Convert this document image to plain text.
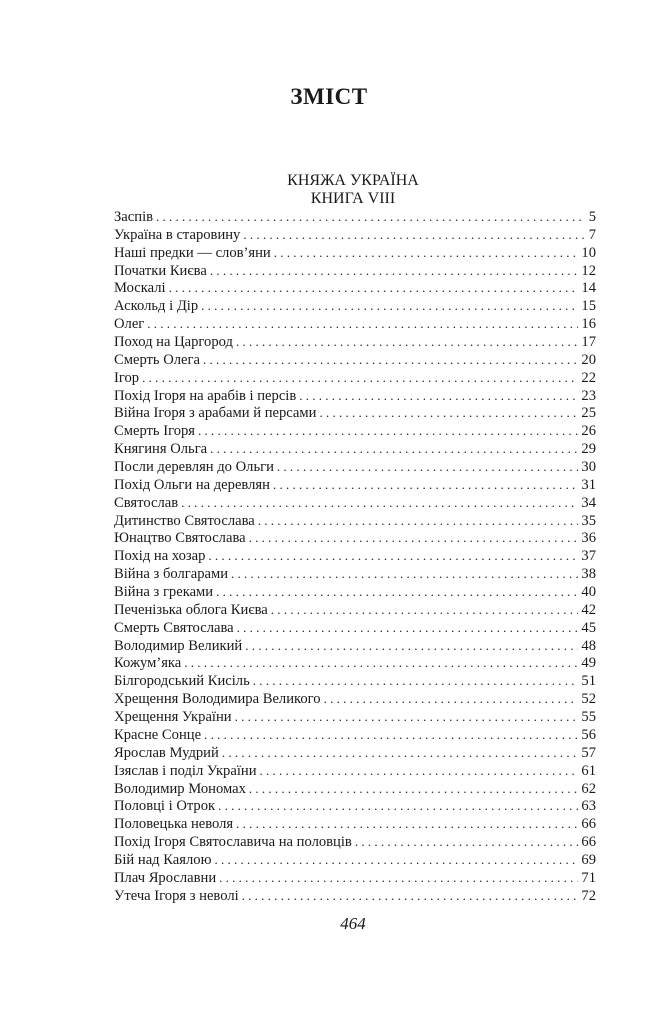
ЗМІСТ
КНЯЖА УКРАЇНА
КНИГА VIII
Заспів . . .	5
Україна в старовину . . .	7
Наші предки — слов’яни . . .	10
Початки Києва . . .	12
Москалі . . .	14
Аскольд і Дір . . .	15
Олег . . .	16
Поход на Царгород . . .	17
Смерть Олега . . .	20
Ігор . . .	22
Похід Ігоря на арабів і персів . . .	23
Війна Ігоря з арабами й персами . . .	25
Смерть Ігоря . . .	26
Княгиня Ольга . . .	29
Посли деревлян до Ольги . . .	30
Похід Ольги на деревлян . . .	31
Святослав . . .	34
Дитинство Святослава . . .	35
Юнацтво Святослава . . .	36
Похід на хозар . . .	37
Війна з болгарами . . .	38
Війна з греками . . .	40
Печенізька облога Києва . . .	42
Смерть Святослава . . .	45
Володимир Великий . . .	48
Кожум’яка . . .	49
Білгородський Кисіль . . .	51
Хрещення Володимира Великого . . .	52
Хрещення України . . .	55
Красне Сонце . . .	56
Ярослав Мудрий . . .	57
Ізяслав і поділ України . . .	61
Володимир Мономах . . .	62
Половці і Отрок . . .	63
Половецька неволя . . .	66
Похід Ігоря Святославича на половців . . .	66
Бій над Каялою . . .	69
Плач Ярославни . . .	71
Утеча Ігоря з неволі . . .	72
464
